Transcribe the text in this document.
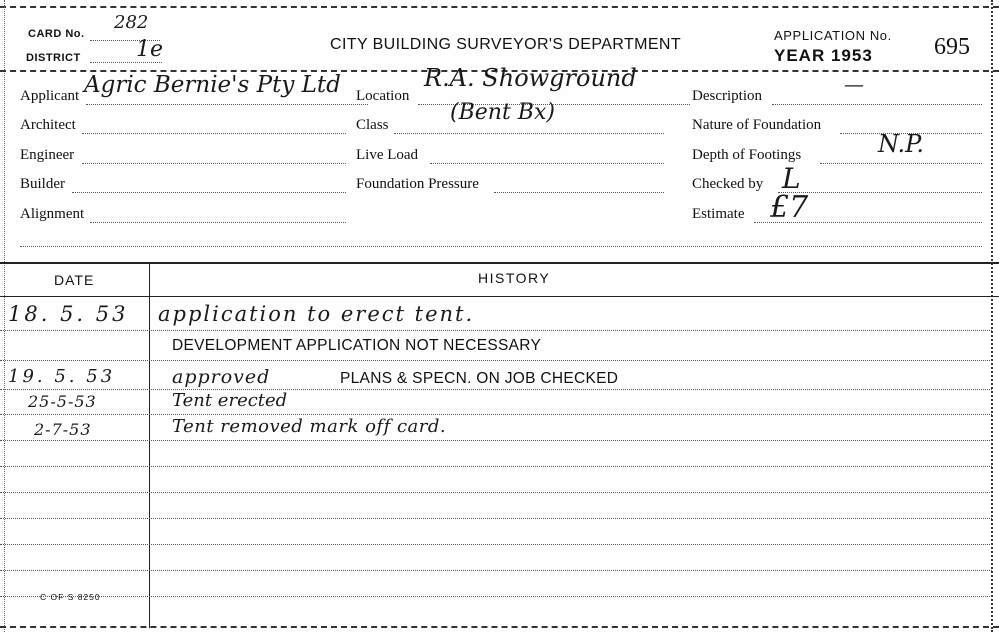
CARD No.
282
DISTRICT	1e	CITY BUILDING SURVEYOR'S DEPARTMENT
APPLICATION No.
YEAR 1953	695
Applicant Agric Bernie's Pty Ltd
Architect
Engineer
Builder
Alignment
Location
R.A. Showground
Class	(Bent Bx)
Live Load
Foundation Pressure
Description	—
Nature of Foundation
Depth of Footings	N.P.
Checked by L
Estimate £7
DATE	HISTORY
18. 5. 53 application to erect tent.
DEVELOPMENT APPLICATION NOT NECESSARY
19. 5. 53	approved	PLANS & SPECN. ON JOB CHECKED
25-5-53	Tent erected
2-7-53	Tent removed mark off card.
C OF S 8250
